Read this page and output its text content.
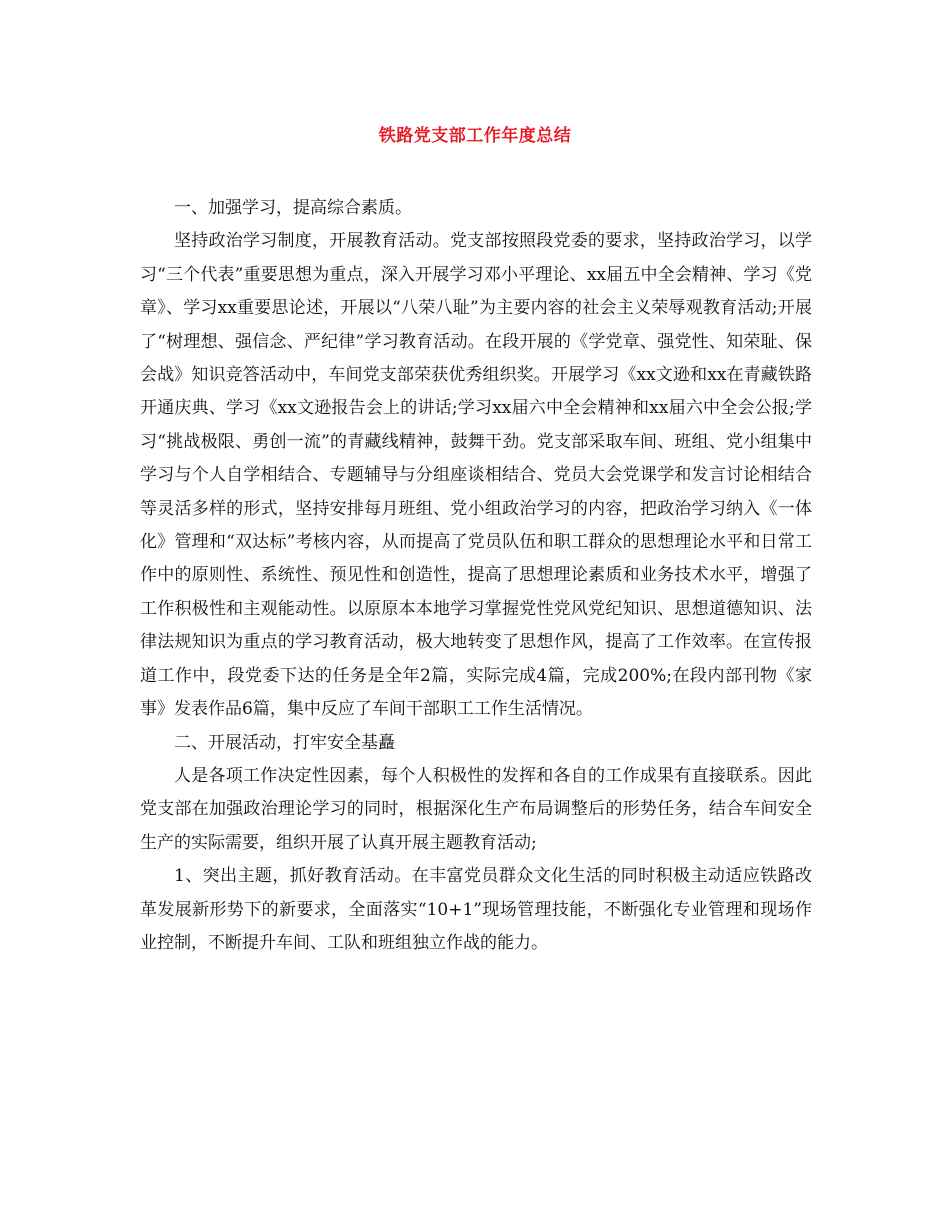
铁路党支部工作年度总结

一、加强学习，提高综合素质。

坚持政治学习制度，开展教育活动。党支部按照段党委的要求，坚持政治学习，以学习“三个代表”重要思想为重点，深入开展学习邓小平理论、xx届五中全会精神、学习《党章》、学习xx重要思论述，开展以“八荣八耻”为主要内容的社会主义荣辱观教育活动;开展了“树理想、强信念、严纪律”学习教育活动。在段开展的《学党章、强党性、知荣耻、保会战》知识竞答活动中，车间党支部荣获优秀组织奖。开展学习《xx文逊和xx在青藏铁路开通庆典、学习《xx文逊报告会上的讲话;学习xx届六中全会精神和xx届六中全会公报;学习“挑战极限、勇创一流”的青藏线精神，鼓舞干劲。党支部采取车间、班组、党小组集中学习与个人自学相结合、专题辅导与分组座谈相结合、党员大会党课学和发言讨论相结合等灵活多样的形式，坚持安排每月班组、党小组政治学习的内容，把政治学习纳入《一体化》管理和“双达标”考核内容，从而提高了党员队伍和职工群众的思想理论水平和日常工作中的原则性、系统性、预见性和创造性，提高了思想理论素质和业务技术水平，增强了工作积极性和主观能动性。以原原本本地学习掌握党性党风党纪知识、思想道德知识、法律法规知识为重点的学习教育活动，极大地转变了思想作风，提高了工作效率。在宣传报道工作中，段党委下达的任务是全年2篇，实际完成4篇，完成200%;在段内部刊物《家事》发表作品6篇，集中反应了车间干部职工工作生活情况。

二、开展活动，打牢安全基矗

人是各项工作决定性因素，每个人积极性的发挥和各自的工作成果有直接联系。因此党支部在加强政治理论学习的同时，根据深化生产布局调整后的形势任务，结合车间安全生产的实际需要，组织开展了认真开展主题教育活动;

1、突出主题，抓好教育活动。在丰富党员群众文化生活的同时积极主动适应铁路改革发展新形势下的新要求，全面落实“10+1”现场管理技能，不断强化专业管理和现场作业控制，不断提升车间、工队和班组独立作战的能力。
